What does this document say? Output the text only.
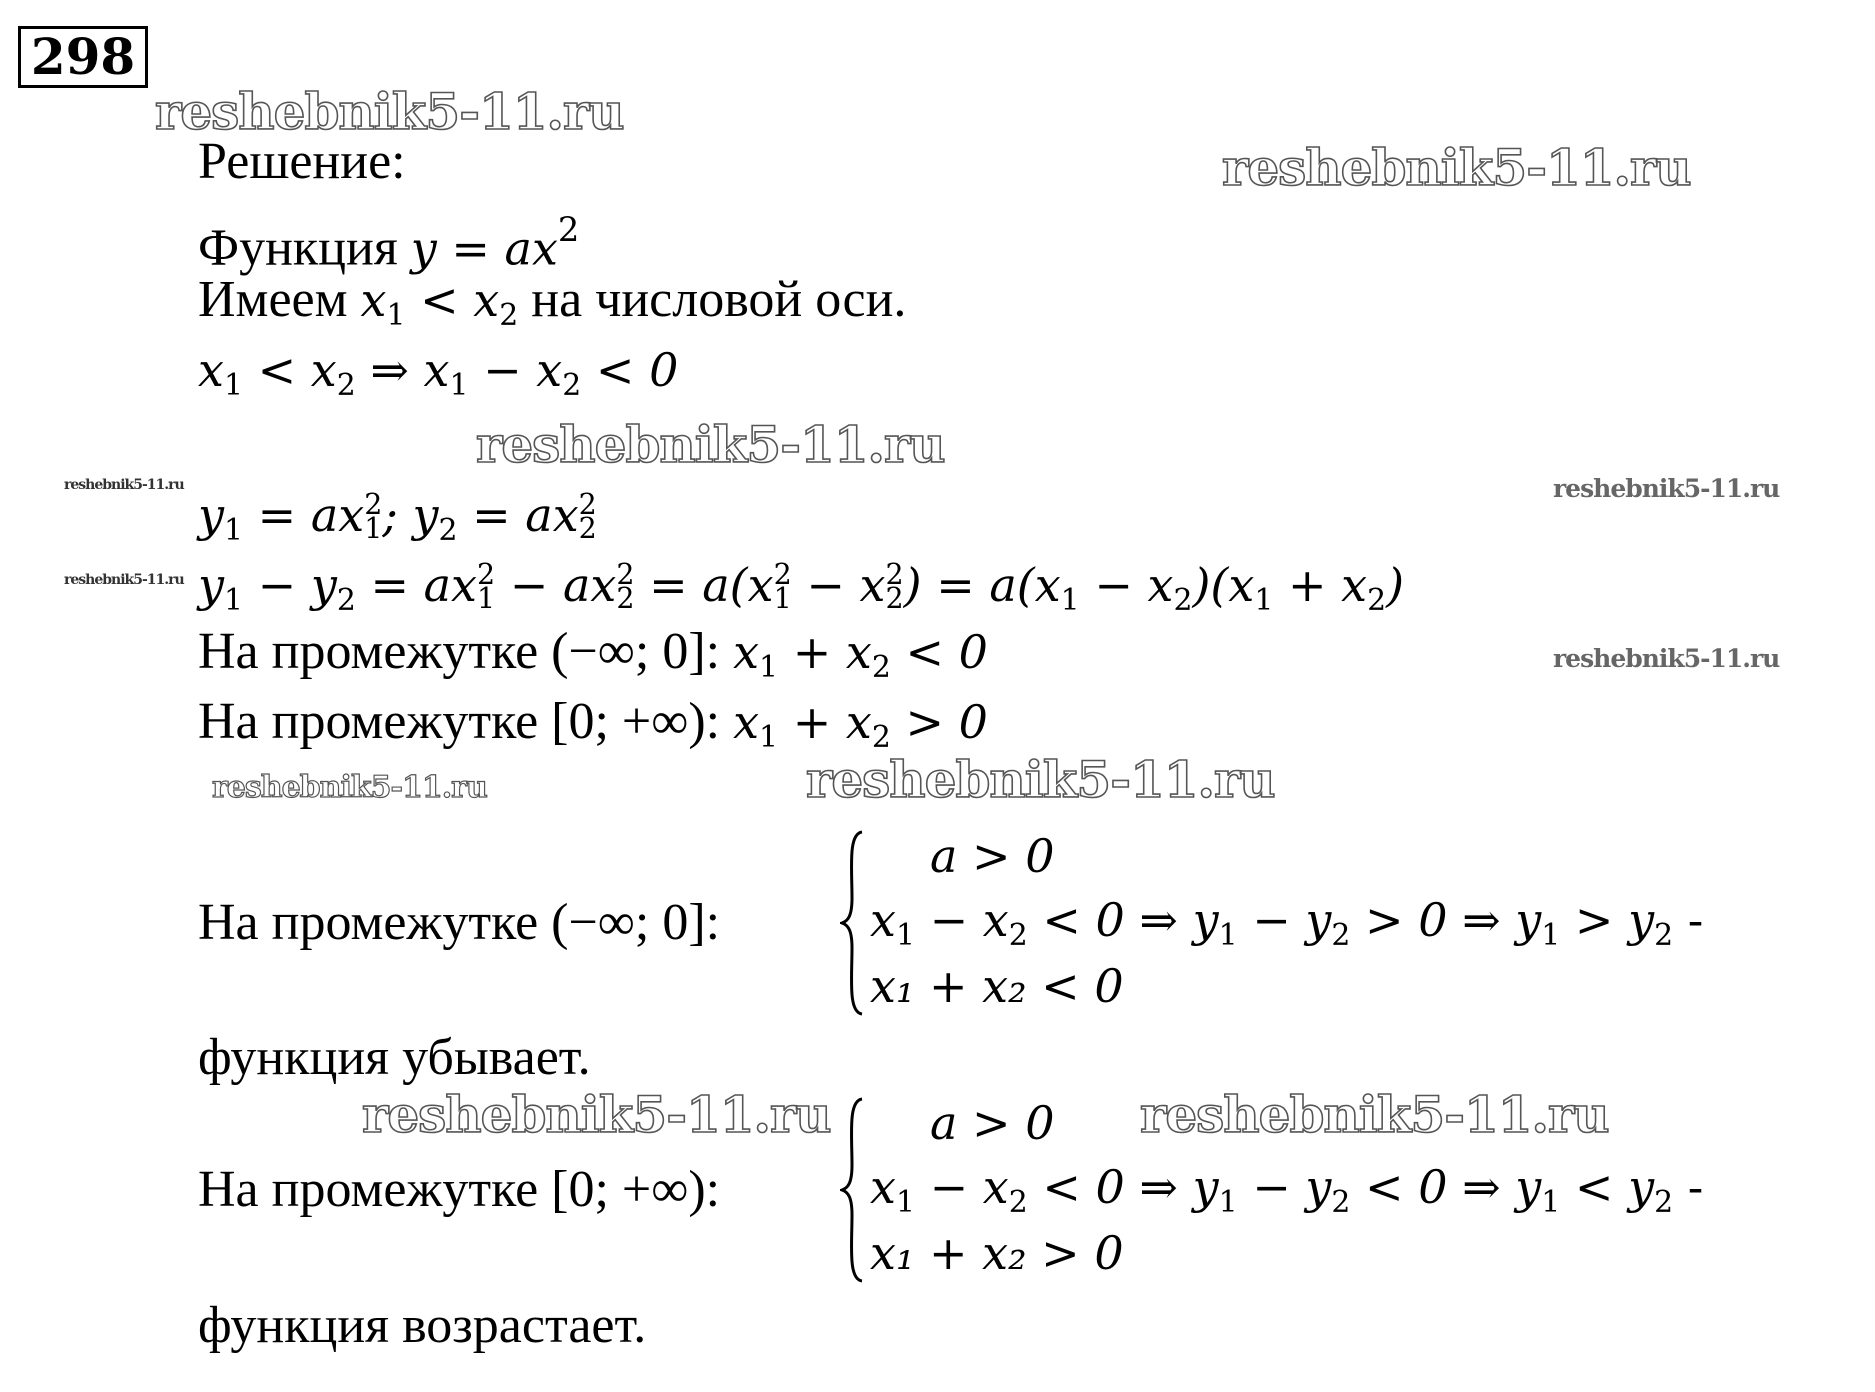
298
reshebnik5-11.ru
reshebnik5-11.ru
reshebnik5-11.ru
reshebnik5-11.ru	reshebnik5-11.ru
reshebnik5-11.ru
reshebnik5-11.ru
reshebnik5-11.ru	reshebnik5-11.ru
reshebnik5-11.ru	reshebnik5-11.ru
Решение:
Функция $y = ax^2$
Имеем $x_1 < x_2$ на числовой оси.
$x_1 < x_2$ ⇒ $x_1 - x_2 < 0$
$y_1$ = ax 2
1 ; $y_2$ = ax 2
2
$y_1 - y_2$ = ax 2
1 − ax 2
2 = a(x 2
1 − x 2
2 ) = $a(x_1 - x_2)(x_1 + x_2)$
На промежутке (−∞; 0]: $x_1 + x_2 < 0$
На промежутке [0; +∞): $x_1 + x_2 > 0$
На промежутке (−∞; 0]:
a > 0
$x_1 - x_2 < 0$ ⇒ $y_1 - y_2 > 0$ ⇒ $y_1 > y_2$ -
x₁ + x₂ < 0
функция убывает.
На промежутке [0; +∞):
a > 0
$x_1 - x_2 < 0$ ⇒ $y_1 - y_2 < 0$ ⇒ $y_1 < y_2$ -
x₁ + x₂ > 0
функция возрастает.
